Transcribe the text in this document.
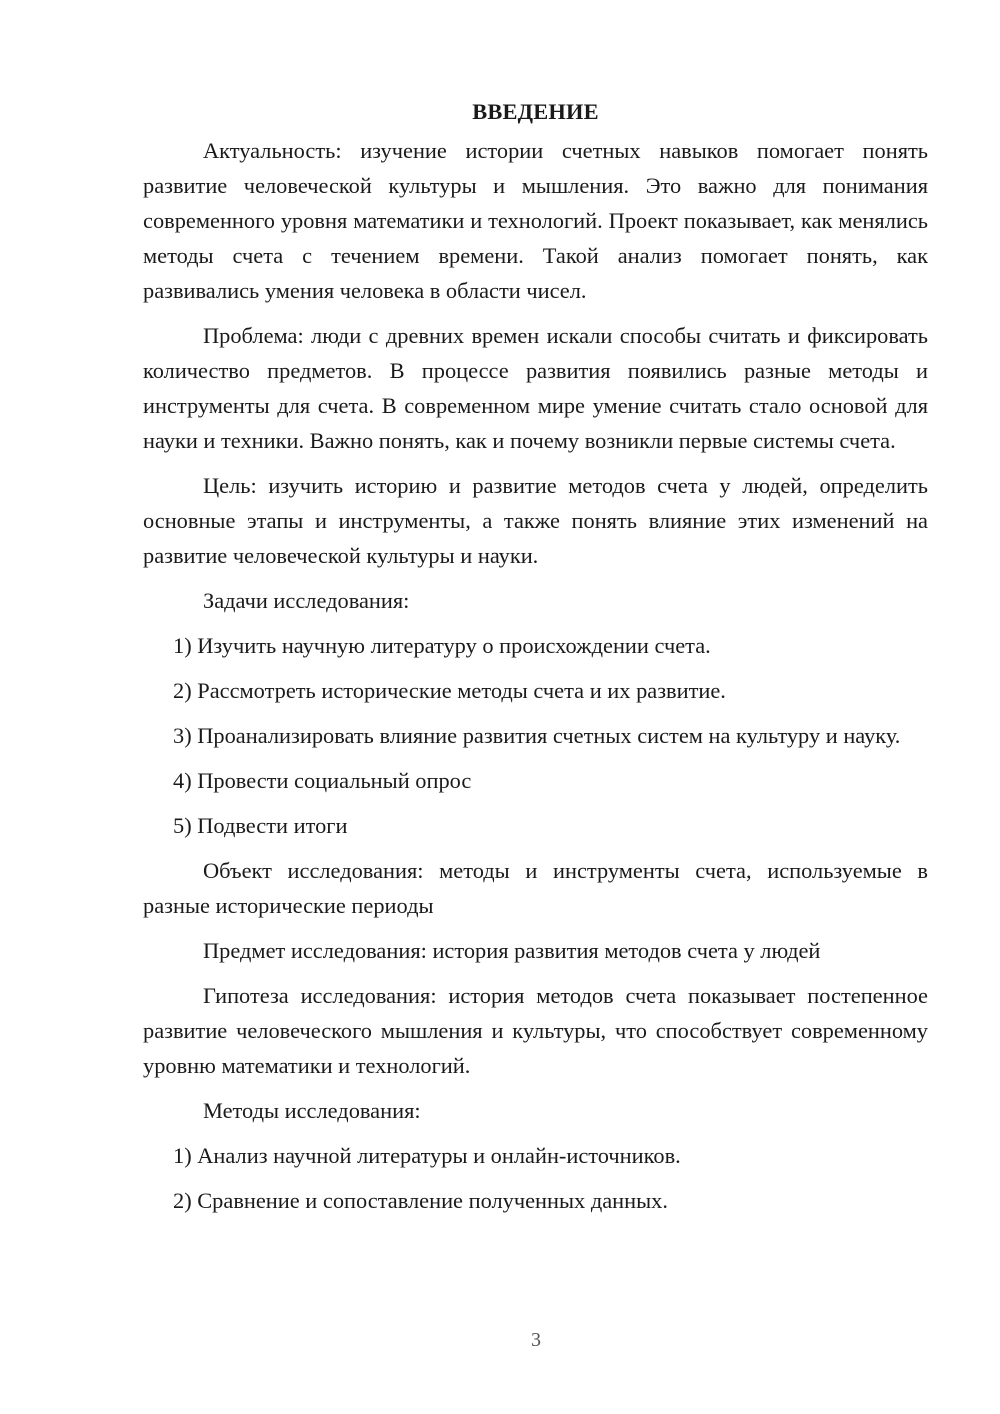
ВВЕДЕНИЕ

Актуальность: изучение истории счетных навыков помогает понять развитие человеческой культуры и мышления. Это важно для понимания современного уровня математики и технологий. Проект показывает, как менялись методы счета с течением времени. Такой анализ помогает понять, как развивались умения человека в области чисел.

Проблема: люди с древних времен искали способы считать и фиксировать количество предметов. В процессе развития появились разные методы и инструменты для счета. В современном мире умение считать стало основой для науки и техники. Важно понять, как и почему возникли первые системы счета.

Цель: изучить историю и развитие методов счета у людей, определить основные этапы и инструменты, а также понять влияние этих изменений на развитие человеческой культуры и науки.

Задачи исследования:

1) Изучить научную литературу о происхождении счета.

2) Рассмотреть исторические методы счета и их развитие.

3) Проанализировать влияние развития счетных систем на культуру и науку.

4) Провести социальный опрос

5) Подвести итоги

Объект исследования: методы и инструменты счета, используемые в разные исторические периоды

Предмет исследования: история развития методов счета у людей

Гипотеза исследования: история методов счета показывает постепенное развитие человеческого мышления и культуры, что способствует современному уровню математики и технологий.

Методы исследования:

1) Анализ научной литературы и онлайн-источников.

2) Сравнение и сопоставление полученных данных.

3
